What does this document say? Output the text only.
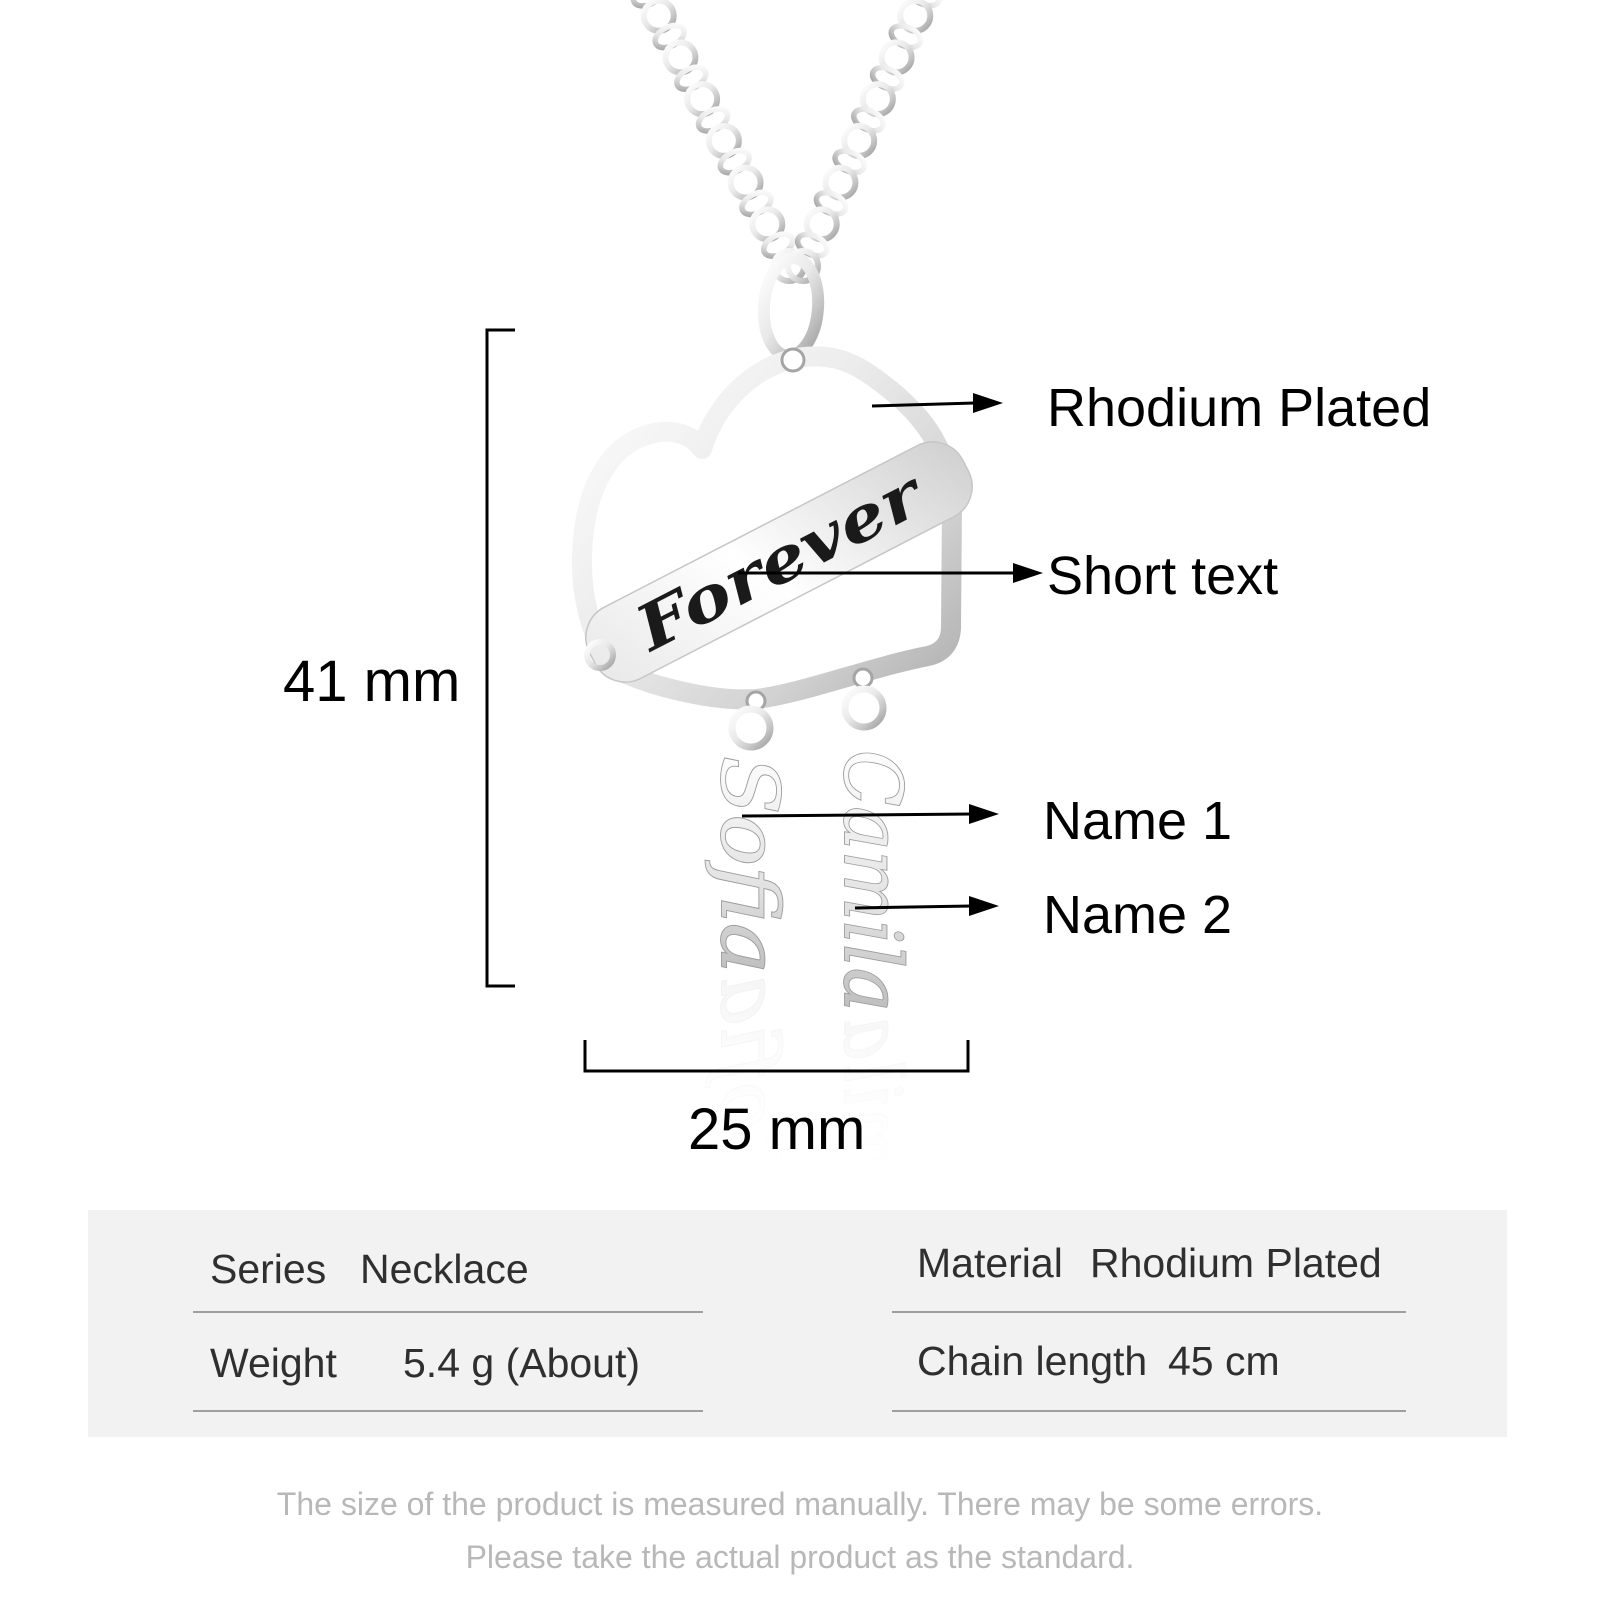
Forever
Sofia Camila
Rhodium Plated
Short text
Name 1
Name 2
41 mm
25 mm
Series Necklace
Weight 5.4 g (About)
Material Rhodium Plated
Chain length 45 cm
The size of the product is measured manually. There may be some errors.
Please take the actual product as the standard.
